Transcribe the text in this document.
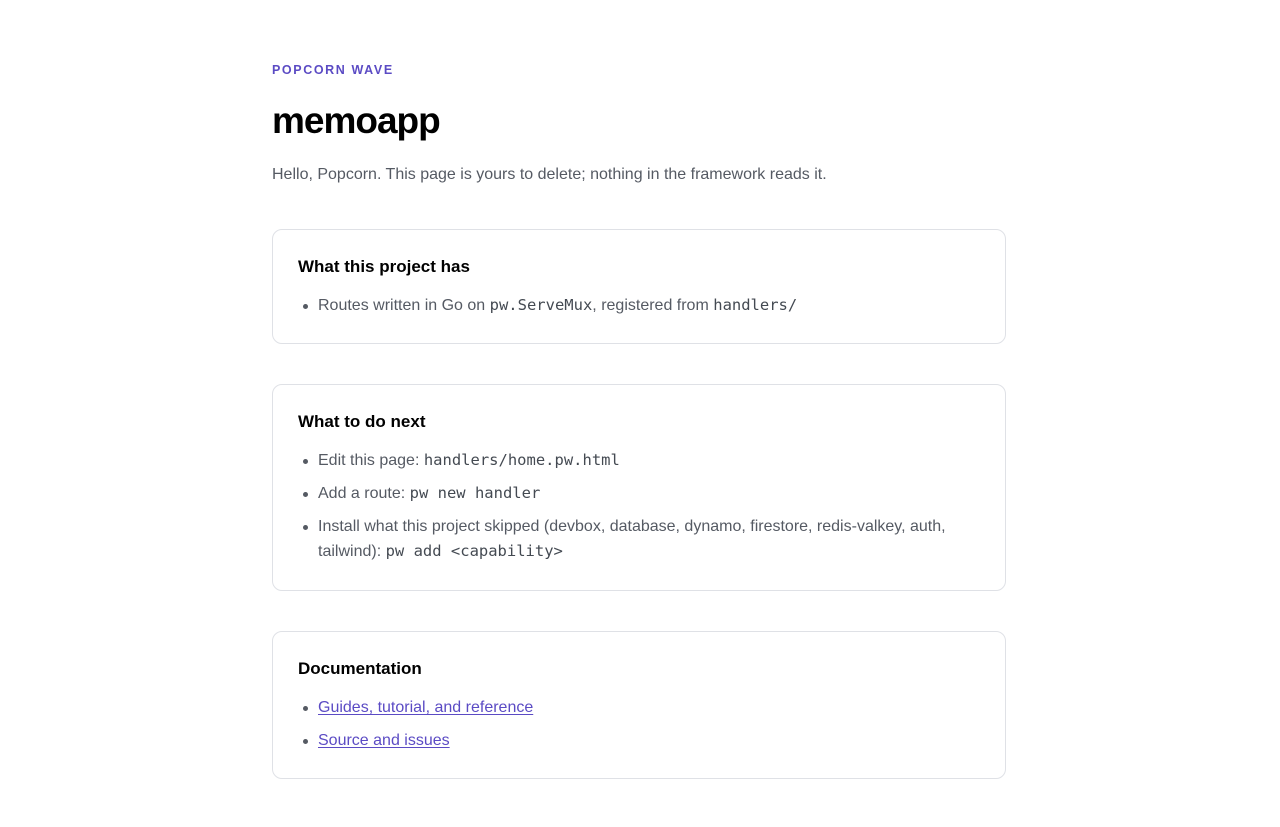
POPCORN WAVE
memoapp
Hello, Popcorn. This page is yours to delete; nothing in the framework reads it.
What this project has
Routes written in Go on pw.ServeMux, registered from handlers/
What to do next
Edit this page: handlers/home.pw.html
Add a route: pw new handler
Install what this project skipped (devbox, database, dynamo, firestore, redis-valkey, auth, tailwind): pw add <capability>
Documentation
Guides, tutorial, and reference
Source and issues
